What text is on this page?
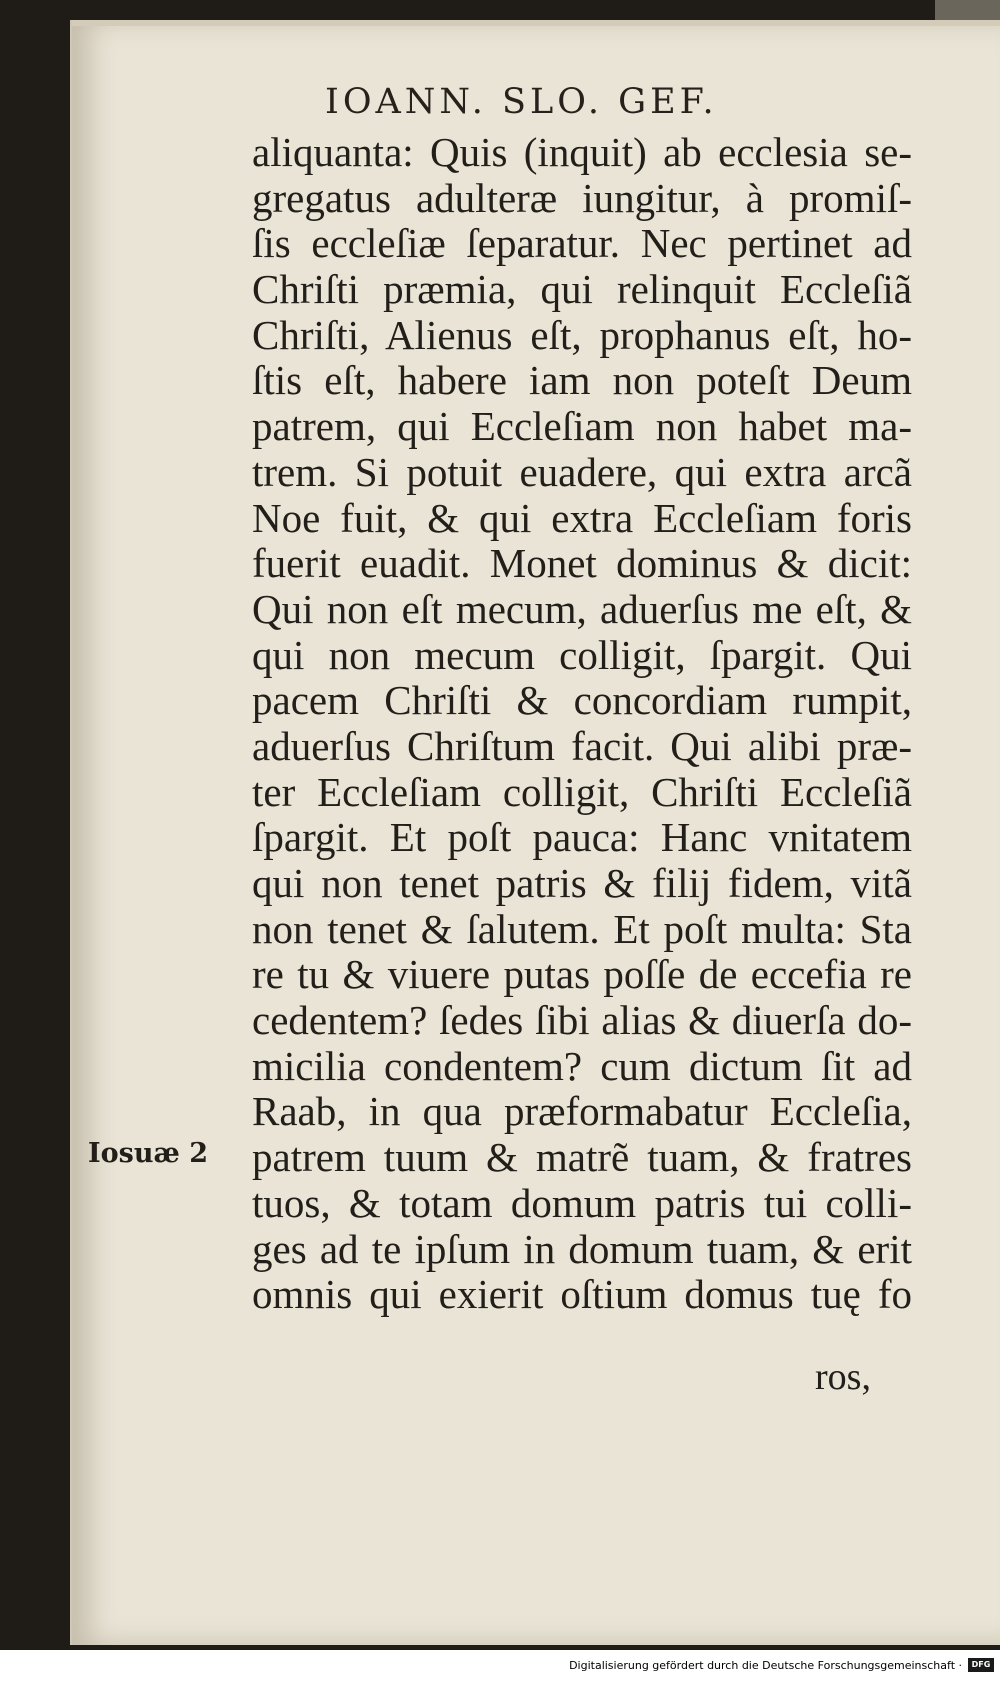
IOANN. SLO. GEF.
aliquanta: Quis (inquit) ab ecclesia se-
gregatus adulteræ iungitur, à promiſ-
ſis eccleſiæ ſeparatur. Nec pertinet ad
Chriſti præmia, qui relinquit Eccleſiã
Chriſti, Alienus eſt, prophanus eſt, ho-
ſtis eſt, habere iam non poteſt Deum
patrem, qui Eccleſiam non habet ma-
trem. Si potuit euadere, qui extra arcã
Noe fuit, & qui extra Eccleſiam foris
fuerit euadit. Monet dominus & dicit:
Qui non eſt mecum, aduerſus me eſt, &
qui non mecum colligit, ſpargit. Qui
pacem Chriſti & concordiam rumpit,
aduerſus Chriſtum facit. Qui alibi præ-
ter Eccleſiam colligit, Chriſti Eccleſiã
ſpargit. Et poſt pauca: Hanc vnitatem
qui non tenet patris & filij fidem, vitã
non tenet & ſalutem. Et poſt multa: Sta
re tu & viuere putas poſſe de eccefia re
cedentem? ſedes ſibi alias & diuerſa do-
micilia condentem? cum dictum ſit ad
Raab, in qua præformabatur Eccleſia,
patrem tuum & matrẽ tuam, & fratres
tuos, & totam domum patris tui colli-
ges ad te ipſum in domum tuam, & erit
omnis qui exierit oſtium domus tuę fo
Iosuæ 2
ros,
Digitalisierung gefördert durch die Deutsche Forschungsgemeinschaft ·	DFG
